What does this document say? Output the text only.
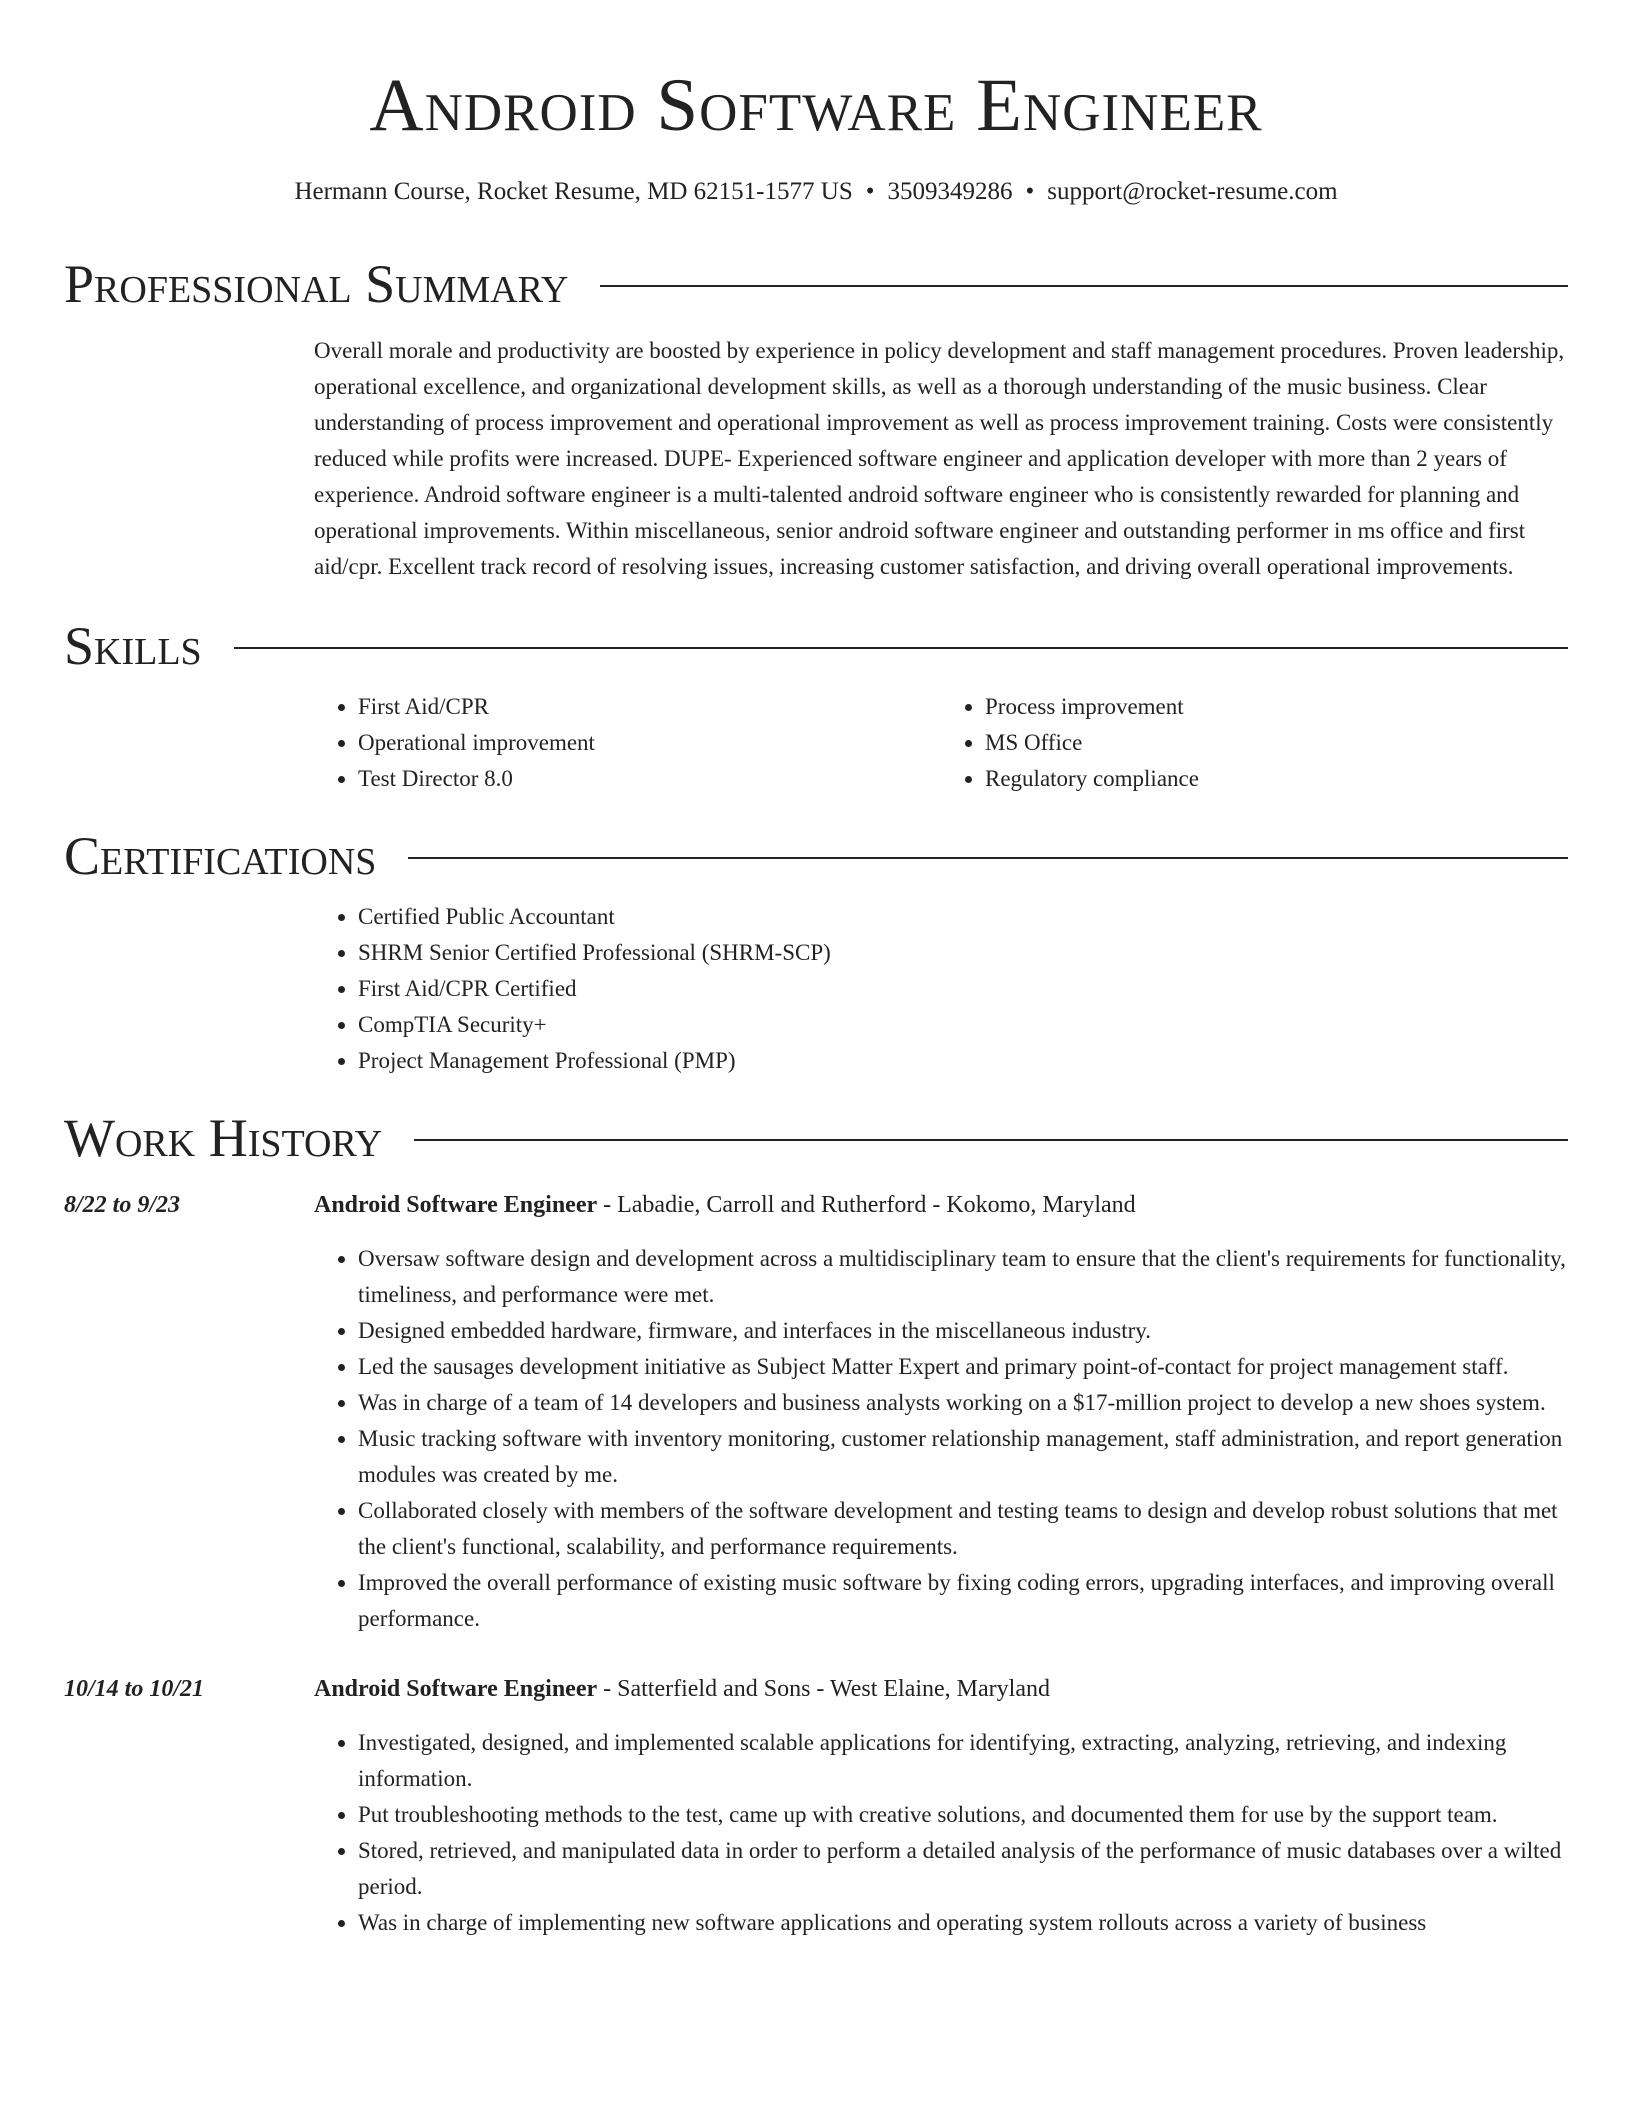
Android Software Engineer
Hermann Course, Rocket Resume, MD 62151-1577 US • 3509349286 • support@rocket-resume.com
Professional Summary
Overall morale and productivity are boosted by experience in policy development and staff management procedures. Proven leadership, operational excellence, and organizational development skills, as well as a thorough understanding of the music business. Clear understanding of process improvement and operational improvement as well as process improvement training. Costs were consistently reduced while profits were increased. DUPE- Experienced software engineer and application developer with more than 2 years of experience. Android software engineer is a multi-talented android software engineer who is consistently rewarded for planning and operational improvements. Within miscellaneous, senior android software engineer and outstanding performer in ms office and first aid/cpr. Excellent track record of resolving issues, increasing customer satisfaction, and driving overall operational improvements.
Skills
• First Aid/CPR
• Operational improvement
• Test Director 8.0
• Process improvement
• MS Office
• Regulatory compliance
Certifications
• Certified Public Accountant
• SHRM Senior Certified Professional (SHRM-SCP)
• First Aid/CPR Certified
• CompTIA Security+
• Project Management Professional (PMP)
Work History
8/22 to 9/23	Android Software Engineer - Labadie, Carroll and Rutherford - Kokomo, Maryland
• Oversaw software design and development across a multidisciplinary team to ensure that the client's requirements for functionality, timeliness, and performance were met.
• Designed embedded hardware, firmware, and interfaces in the miscellaneous industry.
• Led the sausages development initiative as Subject Matter Expert and primary point-of-contact for project management staff.
• Was in charge of a team of 14 developers and business analysts working on a $17-million project to develop a new shoes system.
• Music tracking software with inventory monitoring, customer relationship management, staff administration, and report generation modules was created by me.
• Collaborated closely with members of the software development and testing teams to design and develop robust solutions that met the client's functional, scalability, and performance requirements.
• Improved the overall performance of existing music software by fixing coding errors, upgrading interfaces, and improving overall performance.
10/14 to 10/21	Android Software Engineer - Satterfield and Sons - West Elaine, Maryland
• Investigated, designed, and implemented scalable applications for identifying, extracting, analyzing, retrieving, and indexing information.
• Put troubleshooting methods to the test, came up with creative solutions, and documented them for use by the support team.
• Stored, retrieved, and manipulated data in order to perform a detailed analysis of the performance of music databases over a wilted period.
• Was in charge of implementing new software applications and operating system rollouts across a variety of business
